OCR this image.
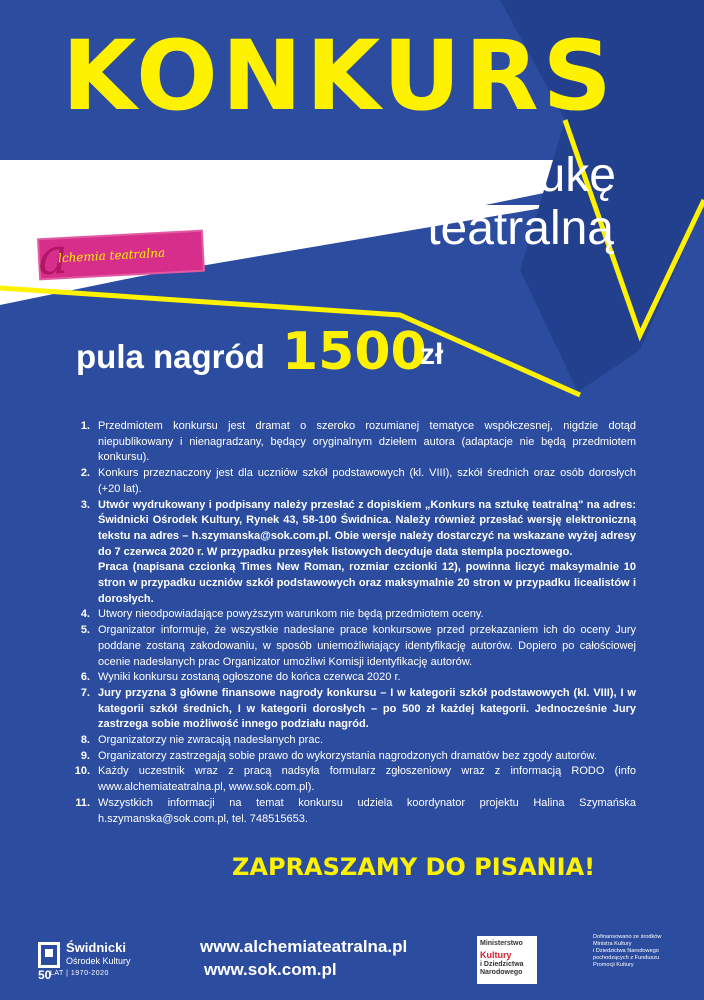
KONKURS
na sztukę
teatralną
a
lchemia teatralna
pula nagród 1500
zł
1. Przedmiotem konkursu jest dramat o szeroko rozumianej tematyce współczesnej, nigdzie dotąd niepublikowany i nienagradzany, będący oryginalnym dziełem autora (adaptacje nie będą przedmiotem konkursu).
2. Konkurs przeznaczony jest dla uczniów szkół podstawowych (kl. VIII), szkół średnich oraz osób dorosłych (+20 lat).
3. Utwór wydrukowany i podpisany należy przesłać z dopiskiem „Konkurs na sztukę teatralną" na adres: Świdnicki Ośrodek Kultury, Rynek 43, 58-100 Świdnica. Należy również przesłać wersję elektroniczną tekstu na adres – h.szymanska@sok.com.pl. Obie wersje należy dostarczyć na wskazane wyżej adresy do 7 czerwca 2020 r. W przypadku przesyłek listowych decyduje data stempla pocztowego.
Praca (napisana czcionką Times New Roman, rozmiar czcionki 12), powinna liczyć maksymalnie 10 stron w przypadku uczniów szkół podstawowych oraz maksymalnie 20 stron w przypadku licealistów i dorosłych.
4. Utwory nieodpowiadające powyższym warunkom nie będą przedmiotem oceny.
5. Organizator informuje, że wszystkie nadesłane prace konkursowe przed przekazaniem ich do oceny Jury poddane zostaną zakodowaniu, w sposób uniemożliwiający identyfikację autorów. Dopiero po całościowej ocenie nadesłanych prac Organizator umożliwi Komisji identyfikację autorów.
6. Wyniki konkursu zostaną ogłoszone do końca czerwca 2020 r.
7. Jury przyzna 3 główne finansowe nagrody konkursu – I w kategorii szkół podstawowych (kl. VIII), I w kategorii szkół średnich, I w kategorii dorosłych – po 500 zł każdej kategorii. Jednocześnie Jury zastrzega sobie możliwość innego podziału nagród.
8. Organizatorzy nie zwracają nadesłanych prac.
9. Organizatorzy zastrzegają sobie prawo do wykorzystania nagrodzonych dramatów bez zgody autorów.
10. Każdy uczestnik wraz z pracą nadsyła formularz zgłoszeniowy wraz z informacją RODO (info www.alchemiateatralna.pl, www.sok.com.pl).
11. Wszystkich informacji na temat konkursu udziela koordynator projektu Halina Szymańska h.szymanska@sok.com.pl, tel. 748515653.
ZAPRASZAMY DO PISANIA!
Świdnicki
Ośrodek Kultury
50
LAT | 1970-2020
www.alchemiateatralna.pl
www.sok.com.pl
Ministerstwo
Kultury
i Dziedzictwa
Narodowego
Dofinansowano ze środków
Ministra Kultury
i Dziedzictwa Narodowego
pochodzących z Funduszu
Promocji Kultury
